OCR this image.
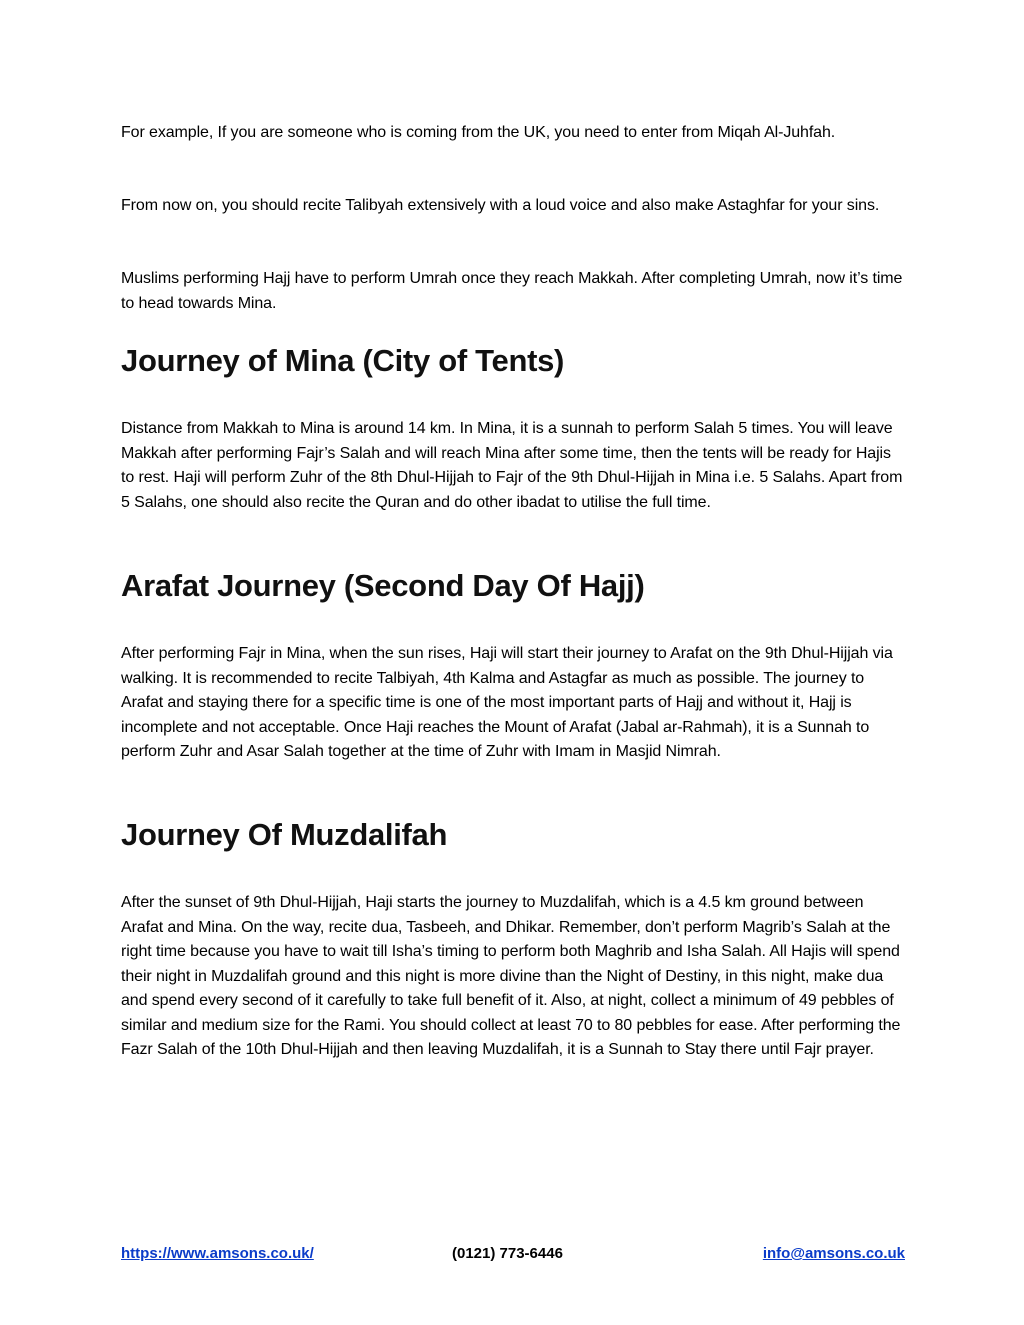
For example, If you are someone who is coming from the UK, you need to enter from Miqah Al-Juhfah.

From now on, you should recite Talibyah extensively with a loud voice and also make Astaghfar for your sins.

Muslims performing Hajj have to perform Umrah once they reach Makkah. After completing Umrah, now it’s time to head towards Mina.

Journey of Mina (City of Tents)

Distance from Makkah to Mina is around 14 km. In Mina, it is a sunnah to perform Salah 5 times. You will leave Makkah after performing Fajr’s Salah and will reach Mina after some time, then the tents will be ready for Hajis to rest. Haji will perform Zuhr of the 8th Dhul-Hijjah to Fajr of the 9th Dhul-Hijjah in Mina i.e. 5 Salahs. Apart from 5 Salahs, one should also recite the Quran and do other ibadat to utilise the full time.

Arafat Journey (Second Day Of Hajj)

After performing Fajr in Mina, when the sun rises, Haji will start their journey to Arafat on the 9th Dhul-Hijjah via walking. It is recommended to recite Talbiyah, 4th Kalma and Astagfar as much as possible. The journey to Arafat and staying there for a specific time is one of the most important parts of Hajj and without it, Hajj is incomplete and not acceptable. Once Haji reaches the Mount of Arafat (Jabal ar-Rahmah), it is a Sunnah to perform Zuhr and Asar Salah together at the time of Zuhr with Imam in Masjid Nimrah.

Journey Of Muzdalifah

After the sunset of 9th Dhul-Hijjah, Haji starts the journey to Muzdalifah, which is a 4.5 km ground between Arafat and Mina. On the way, recite dua, Tasbeeh, and Dhikar. Remember, don’t perform Magrib’s Salah at the right time because you have to wait till Isha’s timing to perform both Maghrib and Isha Salah. All Hajis will spend their night in Muzdalifah ground and this night is more divine than the Night of Destiny, in this night, make dua and spend every second of it carefully to take full benefit of it. Also, at night, collect a minimum of 49 pebbles of similar and medium size for the Rami. You should collect at least 70 to 80 pebbles for ease. After performing the Fazr Salah of the 10th Dhul-Hijjah and then leaving Muzdalifah, it is a Sunnah to Stay there until Fajr prayer.

https://www.amsons.co.uk/	(0121) 773-6446	info@amsons.co.uk
